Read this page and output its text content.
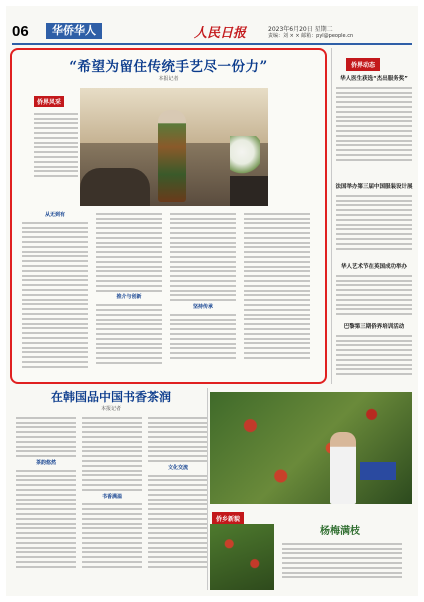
06	华侨华人	人民日报	2023年6月20日 星期二
责编：刘 × × 邮箱：pyl@people.cn
“希望为留住传统手艺尽一份力”
本报记者
侨界风采
从无到有
推介与创新
坚持传承
侨界动态
华人医生获选“杰出服务奖”
法国举办第三届中国服装设计展
华人艺术节在英国成功举办
巴黎第三期侨界培训活动
在韩国品中国书香茶润
本报记者
茶韵悠然
书香满溢
文化交流
侨乡新貌
杨梅满枝
